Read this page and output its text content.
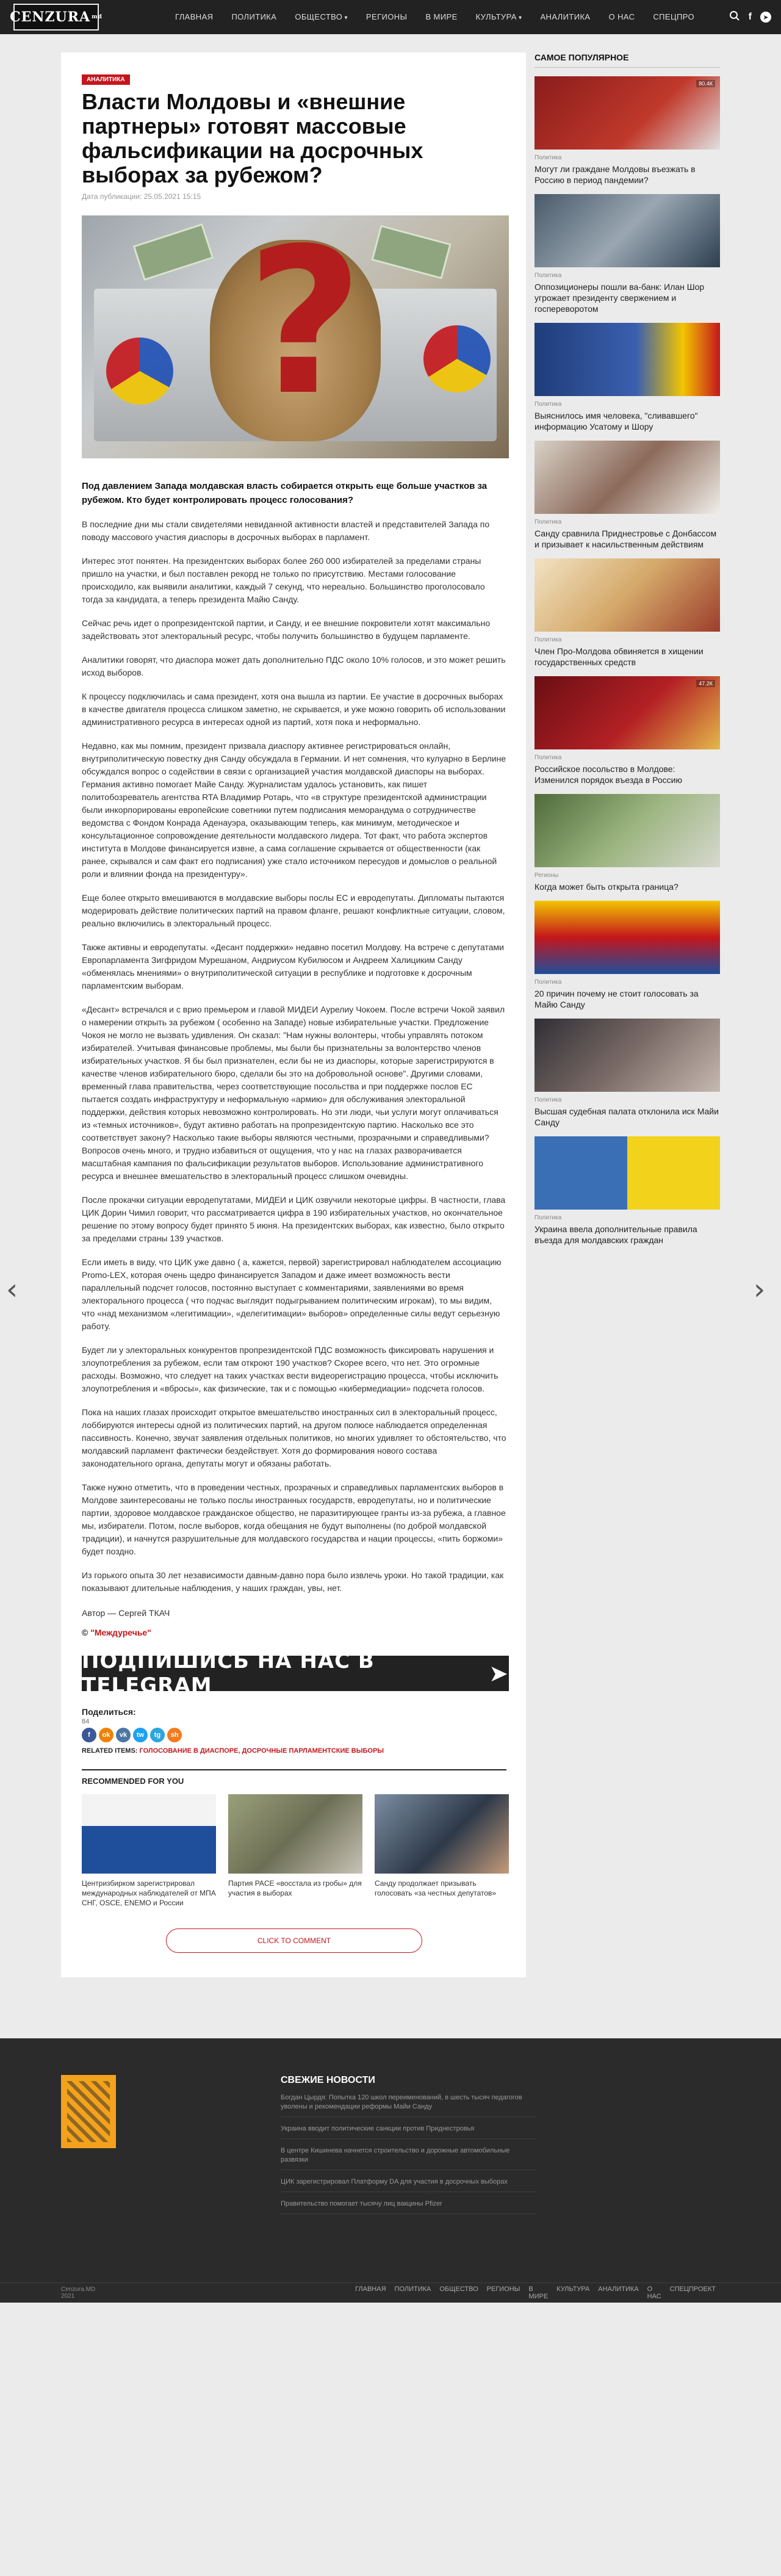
CENZURA md	ГЛАВНАЯ	ПОЛИТИКА	ОБЩЕСТВО ▾	РЕГИОНЫ	В МИРЕ	КУЛЬТУРА ▾	АНАЛИТИКА	О НАС	СПЕЦПРО	f	➤
АНАЛИТИКА
Власти Молдовы и «внешние партнеры» готовят массовые фальсификации на досрочных выборах за рубежом?
Дата публикации: 25.05.2021 15:15
?

Под давлением Запада молдавская власть собирается открыть еще больше участков за рубежом. Кто будет контролировать процесс голосования?

В последние дни мы стали свидетелями невиданной активности властей и представителей Запада по поводу массового участия диаспоры в досрочных выборах в парламент.

Интерес этот понятен. На президентских выборах более 260 000 избирателей за пределами страны пришло на участки, и был поставлен рекорд не только по присутствию. Местами голосование происходило, как выявили аналитики, каждый 7 секунд, что нереально. Большинство проголосовало тогда за кандидата, а теперь президента Майю Санду.

Сейчас речь идет о пропрезидентской партии, и Санду, и ее внешние покровители хотят максимально задействовать этот электоральный ресурс, чтобы получить большинство в будущем парламенте.

Аналитики говорят, что диаспора может дать дополнительно ПДС около 10% голосов, и это может решить исход выборов.

К процессу подключилась и сама президент, хотя она вышла из партии. Ее участие в досрочных выборах в качестве двигателя процесса слишком заметно, не скрывается, и уже можно говорить об использовании административного ресурса в интересах одной из партий, хотя пока и неформально.

Недавно, как мы помним, президент призвала диаспору активнее регистрироваться онлайн, внутриполитическую повестку дня Санду обсуждала в Германии. И нет сомнения, что кулуарно в Берлине обсуждался вопрос о содействии в связи с организацией участия молдавской диаспоры на выборах. Германия активно помогает Майе Санду. Журналистам удалось установить, как пишет политобозреватель агентства RTA Владимир Ротарь, что «в структуре президентской администрации были инкорпорированы европейские советники путем подписания меморандума о сотрудничестве ведомства с Фондом Конрада Аденауэра, оказывающим теперь, как минимум, методическое и консультационное сопровождение деятельности молдавского лидера. Тот факт, что работа экспертов института в Молдове финансируется извне, а сама соглашение скрывается от общественности (как ранее, скрывался и сам факт его подписания) уже стало источником пересудов и домыслов о реальной роли и влиянии фонда на президентуру».

Еще более открыто вмешиваются в молдавские выборы послы ЕС и евродепутаты. Дипломаты пытаются модерировать действие политических партий на правом фланге, решают конфликтные ситуации, словом, реально включились в электоральный процесс.

Также активны и евродепутаты. «Десант поддержки» недавно посетил Молдову. На встрече с депутатами Европарламента Зигфридом Мурешаном, Андриусом Кубилюсом и Андреем Халициким Санду «обменялась мнениями» о внутриполитической ситуации в республике и подготовке к досрочным парламентским выборам.

«Десант» встречался и с врио премьером и главой МИДЕИ Аурелиу Чокоем. После встречи Чокой заявил о намерении открыть за рубежом ( особенно на Западе) новые избирательные участки. Предложение Чокоя не могло не вызвать удивления. Он сказал: "Нам нужны волонтеры, чтобы управлять потоком избирателей. Учитывая финансовые проблемы, мы были бы признательны за волонтерство членов избирательных участков. Я бы был признателен, если бы не из диаспоры, которые зарегистрируются в качестве членов избирательного бюро, сделали бы это на добровольной основе". Другими словами, временный глава правительства, через соответствующие посольства и при поддержке послов ЕС пытается создать инфраструктуру и неформальную «армию» для обслуживания электоральной поддержки, действия которых невозможно контролировать. Но эти люди, чьи услуги могут оплачиваться из «темных источников», будут активно работать на пропрезидентскую партию. Насколько все это соответствует закону? Насколько такие выборы являются честными, прозрачными и справедливыми? Вопросов очень много, и трудно избавиться от ощущения, что у нас на глазах разворачивается масштабная кампания по фальсификации результатов выборов. Использование административного ресурса и внешнее вмешательство в электоральный процесс слишком очевидны.

После прокачки ситуации евродепутатами, МИДЕИ и ЦИК озвучили некоторые цифры. В частности, глава ЦИК Дорин Чимил говорит, что рассматривается цифра в 190 избирательных участков, но окончательное решение по этому вопросу будет принято 5 июня. На президентских выборах, как известно, было открыто за пределами страны 139 участков.

Если иметь в виду, что ЦИК уже давно ( а, кажется, первой) зарегистрировал наблюдателем ассоциацию Promo-LEX, которая очень щедро финансируется Западом и даже имеет возможность вести параллельный подсчет голосов, постоянно выступает с комментариями, заявлениями во время электорального процесса ( что подчас выглядит подыгрыванием политическим игрокам), то мы видим, что «над механизмом «легитимации», «делегитимации» выборов» определенные силы ведут серьезную работу.

Будет ли у электоральных конкурентов пропрезидентской ПДС возможность фиксировать нарушения и злоупотребления за рубежом, если там откроют 190 участков? Скорее всего, что нет. Это огромные расходы. Возможно, что следует на таких участках вести видеорегистрацию процесса, чтобы исключить злоупотребления и «вбросы», как физические, так и с помощью «кибермедиации» подсчета голосов.

Пока на наших глазах происходит открытое вмешательство иностранных сил в электоральный процесс, лоббируются интересы одной из политических партий, на другом полюсе наблюдается определенная пассивность. Конечно, звучат заявления отдельных политиков, но многих удивляет то обстоятельство, что молдавский парламент фактически бездействует. Хотя до формирования нового состава законодательного органа, депутаты могут и обязаны работать.

Также нужно отметить, что в проведении честных, прозрачных и справедливых парламентских выборов в Молдове заинтересованы не только послы иностранных государств, евродепутаты, но и политические партии, здоровое молдавское гражданское общество, не паразитирующее гранты из-за рубежа, а главное мы, избиратели. Потом, после выборов, когда обещания не будут выполнены (по доброй молдавской традиции), и начнутся разрушительные для молдавского государства и нации процессы, «пить боржоми» будет поздно.

Из горького опыта 30 лет независимости давным-давно пора было извлечь уроки. Но такой традиции, как показывают длительные наблюдения, у наших граждан, увы, нет.

Автор — Сергей ТКАЧ
© "Междуречье"
ПОДПИШИСЬ НА НАС В TELEGRAM	➤
Поделиться:
84
f	ok	vk	tw	tg	sh
RELATED ITEMS: ГОЛОСОВАНИЕ В ДИАСПОРЕ, ДОСРОЧНЫЕ ПАРЛАМЕНТСКИЕ ВЫБОРЫ
RECOMMENDED FOR YOU
Центризбирком зарегистрировал международных наблюдателей от МПА СНГ, OSCE, ENEMO и России
Партия PACE «восстала из гробы» для участия в выборах
Санду продолжает призывать голосовать «за честных депутатов»
CLICK TO COMMENT
САМОЕ ПОПУЛЯРНОЕ
80.4К
Политика
Могут ли граждане Молдовы въезжать в Россию в период пандемии?
Политика
Оппозиционеры пошли ва-банк: Илан Шор угрожает президенту свержением и госпереворотом
Политика
Выяснилось имя человека, "сливавшего" информацию Усатому и Шору
Политика
Санду сравнила Приднестровье с Донбассом и призывает к насильственным действиям
Политика
Член Про-Молдова обвиняется в хищении государственных средств
47.2К
Политика
Российское посольство в Молдове: Изменился порядок въезда в Россию
Регионы
Когда может быть открыта граница?
Политика
20 причин почему не стоит голосовать за Майю Санду
Политика
Высшая судебная палата отклонила иск Майи Санду
Политика
Украина ввела дополнительные правила въезда для молдавских граждан
‹	›
СВЕЖИЕ НОВОСТИ
Богдан Цырдя: Попытка 120 школ переименований, в шесть тысяч педагогов уволены и рекомендации реформы Майи Санду
Украина вводит политические санкции против Приднестровья
В центре Кишинева начнется строительство и дорожные автомобильные развязки
ЦИК зарегистрировал Платформу DA для участия в досрочных выборах
Правительство помогает тысячу лиц вакцины Pfizer
Cenzura.MD 2021
ГЛАВНАЯ	ПОЛИТИКА	ОБЩЕСТВО	РЕГИОНЫ	В МИРЕ
КУЛЬТУРА	АНАЛИТИКА	О НАС
СПЕЦПРОЕКТ
